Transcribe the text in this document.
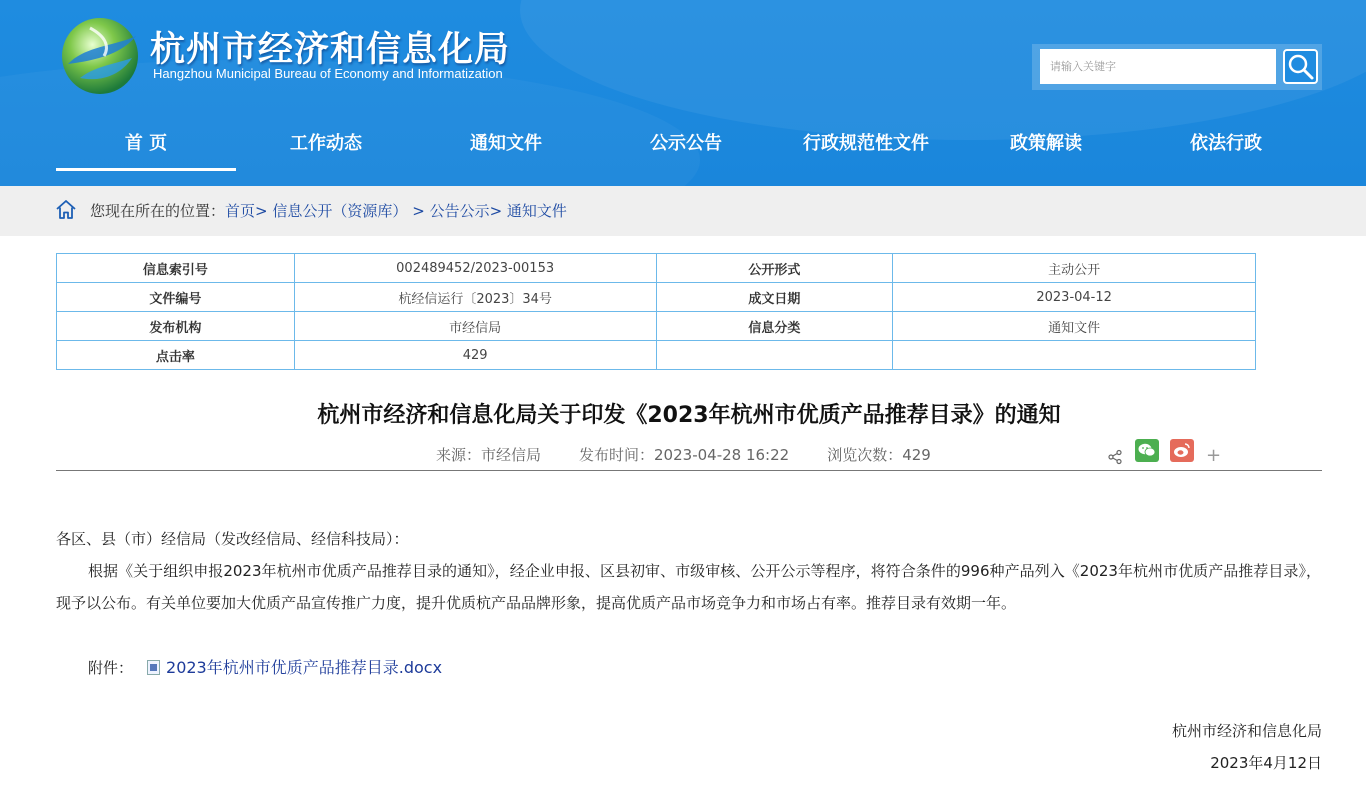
杭州市经济和信息化局
Hangzhou Municipal Bureau of Economy and Informatization
请输入关键字
首 页	工作动态	通知文件	公示公告	行政规范性文件	政策解读	依法行政
您现在所在的位置：首页> 信息公开（资源库） > 公告公示> 通知文件
信息索引号	002489452/2023-00153	公开形式	主动公开
文件编号	杭经信运行〔2023〕34号	成文日期	2023-04-12
发布机构	市经信局	信息分类	通知文件
点击率	429		
杭州市经济和信息化局关于印发《2023年杭州市优质产品推荐目录》的通知
来源：市经信局	发布时间：2023-04-28 16:22	浏览次数：429	+
各区、县（市）经信局（发改经信局、经信科技局）：
根据《关于组织申报2023年杭州市优质产品推荐目录的通知》，经企业申报、区县初审、市级审核、公开公示等程序，将符合条件的996种产品列入《2023年杭州市优质产品推荐目录》，现予以公布。有关单位要加大优质产品宣传推广力度，提升优质杭产品品牌形象，提高优质产品市场竞争力和市场占有率。推荐目录有效期一年。
附件： 2023年杭州市优质产品推荐目录.docx
杭州市经济和信息化局
2023年4月12日
